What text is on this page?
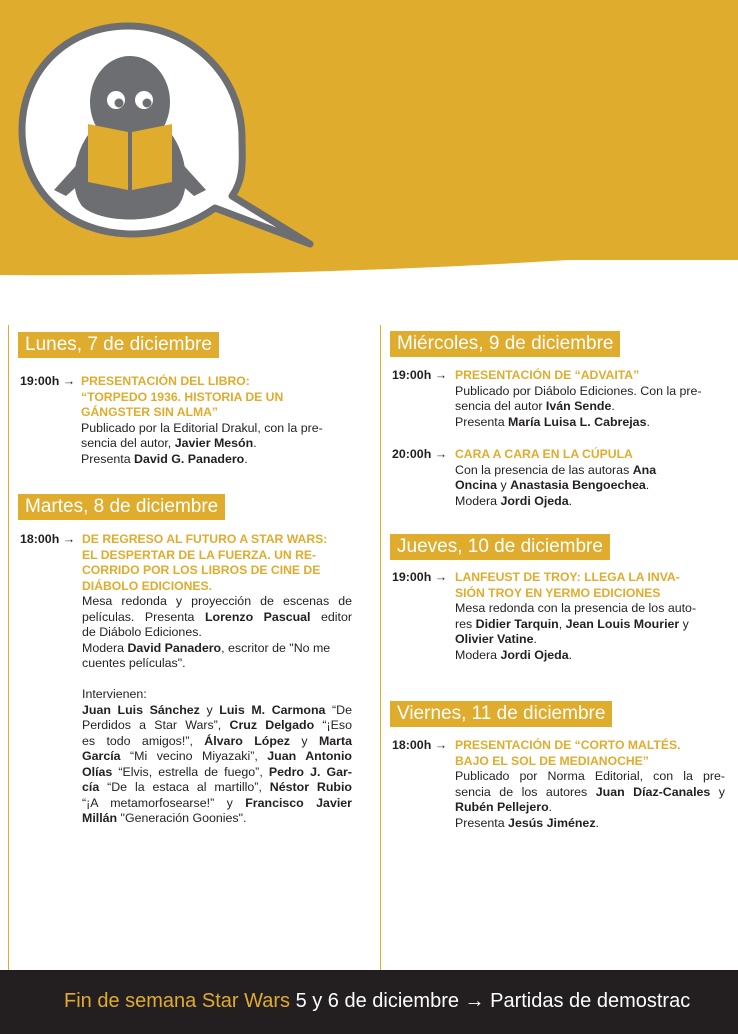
Lunes, 7 de diciembre
19:00h → PRESENTACIÓN DEL LIBRO:
“TORPEDO 1936. HISTORIA DE UN
GÁNGSTER SIN ALMA”
Publicado por la Editorial Drakul, con la pre-
sencia del autor, Javier Mesón.
Presenta David G. Panadero.
Martes, 8 de diciembre
18:00h → DE REGRESO AL FUTURO A STAR WARS:
EL DESPERTAR DE LA FUERZA. UN RE-
CORRIDO POR LOS LIBROS DE CINE DE
DIÁBOLO EDICIONES.
Mesa redonda y proyección de escenas de
películas. Presenta Lorenzo Pascual editor
de Diábolo Ediciones.
Modera David Panadero, escritor de "No me
cuentes películas".
Intervienen:
Juan Luis Sánchez y Luis M. Carmona “De
Perdidos a Star Wars”, Cruz Delgado “¡Eso
es todo amigos!”, Álvaro López y Marta
García “Mi vecino Miyazaki”, Juan Antonio
Olías “Elvis, estrella de fuego”, Pedro J. Gar-
cía “De la estaca al martillo”, Néstor Rubio
“¡A metamorfosearse!” y Francisco Javier
Millán "Generación Goonies".
Miércoles, 9 de diciembre
19:00h → PRESENTACIÓN DE “ADVAITA”
Publicado por Diábolo Ediciones. Con la pre-
sencia del autor Iván Sende.
Presenta María Luisa L. Cabrejas.
20:00h → CARA A CARA EN LA CÚPULA
Con la presencia de las autoras Ana
Oncina y Anastasia Bengoechea.
Modera Jordi Ojeda.
Jueves, 10 de diciembre
19:00h → LANFEUST DE TROY: LLEGA LA INVA-
SIÓN TROY EN YERMO EDICIONES
Mesa redonda con la presencia de los auto-
res Didier Tarquin, Jean Louis Mourier y
Olivier Vatine.
Modera Jordi Ojeda.
Viernes, 11 de diciembre
18:00h → PRESENTACIÓN DE “CORTO MALTÉS.
BAJO EL SOL DE MEDIANOCHE”
Publicado por Norma Editorial, con la pre-
sencia de los autores Juan Díaz-Canales y
Rubén Pellejero.
Presenta Jesús Jiménez.
Fin de semana Star Wars 5 y 6 de diciembre → Partidas de demostrac
